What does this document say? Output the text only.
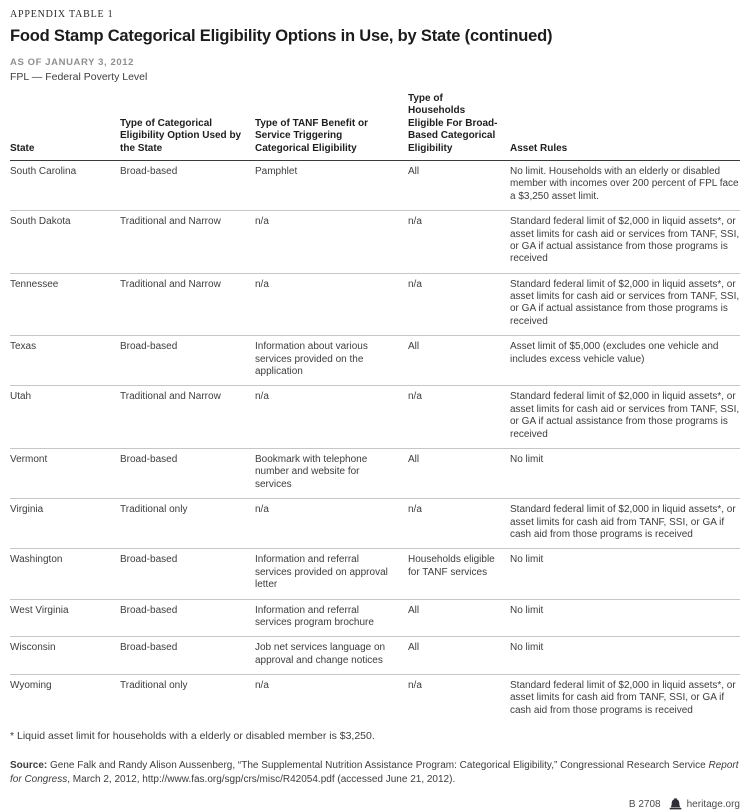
APPENDIX TABLE 1
Food Stamp Categorical Eligibility Options in Use, by State (continued)
AS OF JANUARY 3, 2012
FPL — Federal Poverty Level
State	Type of Categorical Eligibility Option Used by the State	Type of TANF Benefit or Service Triggering Categorical Eligibility	Type of Households Eligible For Broad-Based Categorical Eligibility	Asset Rules
South Carolina	Broad-based	Pamphlet	All	No limit. Households with an elderly or disabled member with incomes over 200 percent of FPL face a $3,250 asset limit.
South Dakota	Traditional and Narrow	n/a	n/a	Standard federal limit of $2,000 in liquid assets*, or asset limits for cash aid or services from TANF, SSI, or GA if actual assistance from those programs is received
Tennessee	Traditional and Narrow	n/a	n/a	Standard federal limit of $2,000 in liquid assets*, or asset limits for cash aid or services from TANF, SSI, or GA if actual assistance from those programs is received
Texas	Broad-based	Information about various services provided on the application	All	Asset limit of $5,000 (excludes one vehicle and includes excess vehicle value)
Utah	Traditional and Narrow	n/a	n/a	Standard federal limit of $2,000 in liquid assets*, or asset limits for cash aid or services from TANF, SSI, or GA if actual assistance from those programs is received
Vermont	Broad-based	Bookmark with telephone number and website for services	All	No limit
Virginia	Traditional only	n/a	n/a	Standard federal limit of $2,000 in liquid assets*, or asset limits for cash aid from TANF, SSI, or GA if cash aid from those programs is received
Washington	Broad-based	Information and referral services provided on approval letter	Households eligible for TANF services	No limit
West Virginia	Broad-based	Information and referral services program brochure	All	No limit
Wisconsin	Broad-based	Job net services language on approval and change notices	All	No limit
Wyoming	Traditional only	n/a	n/a	Standard federal limit of $2,000 in liquid assets*, or asset limits for cash aid from TANF, SSI, or GA if cash aid from those programs is received
* Liquid asset limit for households with a elderly or disabled member is $3,250.

Source: Gene Falk and Randy Alison Aussenberg, “The Supplemental Nutrition Assistance Program: Categorical Eligibility,” Congressional Research Service Report for Congress, March 2, 2012, http://www.fas.org/sgp/crs/misc/R42054.pdf (accessed June 21, 2012).

B 2708	heritage.org
